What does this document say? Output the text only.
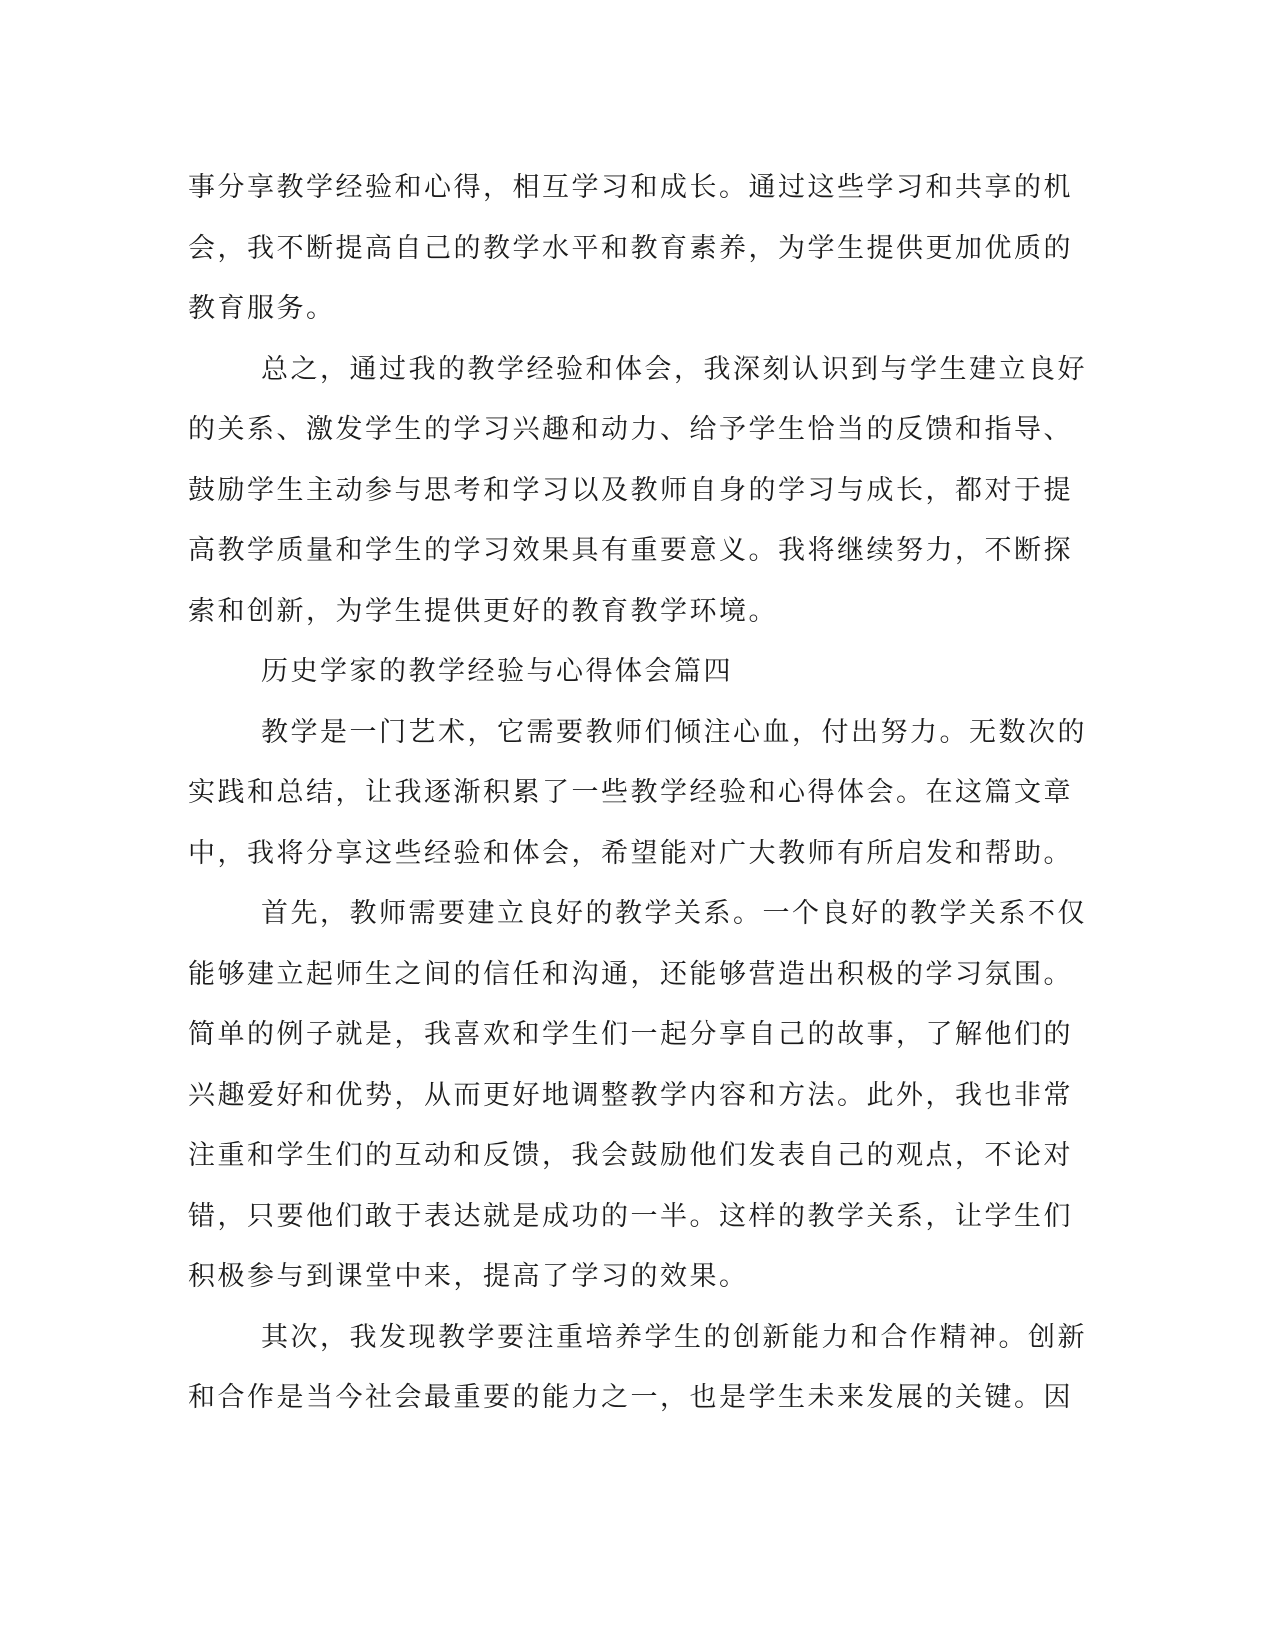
事分享教学经验和心得，相互学习和成长。通过这些学习和共享的机
会，我不断提高自己的教学水平和教育素养，为学生提供更加优质的
教育服务。
总之，通过我的教学经验和体会，我深刻认识到与学生建立良好
的关系、激发学生的学习兴趣和动力、给予学生恰当的反馈和指导、
鼓励学生主动参与思考和学习以及教师自身的学习与成长，都对于提
高教学质量和学生的学习效果具有重要意义。我将继续努力，不断探
索和创新，为学生提供更好的教育教学环境。
历史学家的教学经验与心得体会篇四
教学是一门艺术，它需要教师们倾注心血，付出努力。无数次的
实践和总结，让我逐渐积累了一些教学经验和心得体会。在这篇文章
中，我将分享这些经验和体会，希望能对广大教师有所启发和帮助。
首先，教师需要建立良好的教学关系。一个良好的教学关系不仅
能够建立起师生之间的信任和沟通，还能够营造出积极的学习氛围。
简单的例子就是，我喜欢和学生们一起分享自己的故事，了解他们的
兴趣爱好和优势，从而更好地调整教学内容和方法。此外，我也非常
注重和学生们的互动和反馈，我会鼓励他们发表自己的观点，不论对
错，只要他们敢于表达就是成功的一半。这样的教学关系，让学生们
积极参与到课堂中来，提高了学习的效果。
其次，我发现教学要注重培养学生的创新能力和合作精神。创新
和合作是当今社会最重要的能力之一，也是学生未来发展的关键。因
